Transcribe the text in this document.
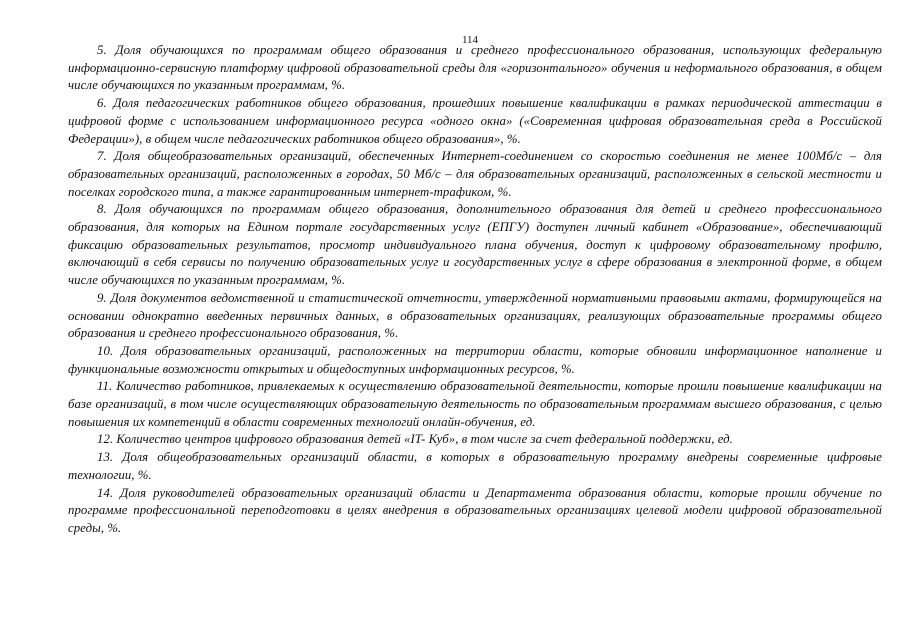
114

5. Доля обучающихся по программам общего образования и среднего профессионального образования, использующих федеральную информационно-сервисную платформу цифровой образовательной среды для «горизонтального» обучения и неформального образования, в общем числе обучающихся по указанным программам, %.

6. Доля педагогических работников общего образования, прошедших повышение квалификации в рамках периодической аттестации в цифровой форме с использованием информационного ресурса «одного окна» («Современная цифровая образовательная среда в Российской Федерации»), в общем числе педагогических работников общего образования», %.

7. Доля общеобразовательных организаций, обеспеченных Интернет-соединением со скоростью соединения не менее 100Мб/с – для образовательных организаций, расположенных в городах, 50 Мб/с – для образовательных организаций, расположенных в сельской местности и поселках городского типа, а также гарантированным интернет-трафиком, %.

8. Доля обучающихся по программам общего образования, дополнительного образования для детей и среднего профессионального образования, для которых на Едином портале государственных услуг (ЕПГУ) доступен личный кабинет «Образование», обеспечивающий фиксацию образовательных результатов, просмотр индивидуального плана обучения, доступ к цифровому образовательному профилю, включающий в себя сервисы по получению образовательных услуг и государственных услуг в сфере образования в электронной форме, в общем числе обучающихся по указанным программам, %.

9. Доля документов ведомственной и статистической отчетности, утвержденной нормативными правовыми актами, формирующейся на основании однократно введенных первичных данных, в образовательных организациях, реализующих образовательные программы общего образования и среднего профессионального образования, %.

10. Доля образовательных организаций, расположенных на территории области, которые обновили информационное наполнение и функциональные возможности открытых и общедоступных информационных ресурсов, %.

11. Количество работников, привлекаемых к осуществлению образовательной деятельности, которые прошли повышение квалификации на базе организаций, в том числе осуществляющих образовательную деятельность по образовательным программам высшего образования, с целью повышения их компетенций в области современных технологий онлайн-обучения, ед.

12. Количество центров цифрового образования детей «IT- Куб», в том числе за счет федеральной поддержки, ед.

13. Доля общеобразовательных организаций области, в которых в образовательную программу внедрены современные цифровые технологии, %.

14. Доля руководителей образовательных организаций области и Департамента образования области, которые прошли обучение по программе профессиональной переподготовки в целях внедрения в образовательных организациях целевой модели цифровой образовательной среды, %.
